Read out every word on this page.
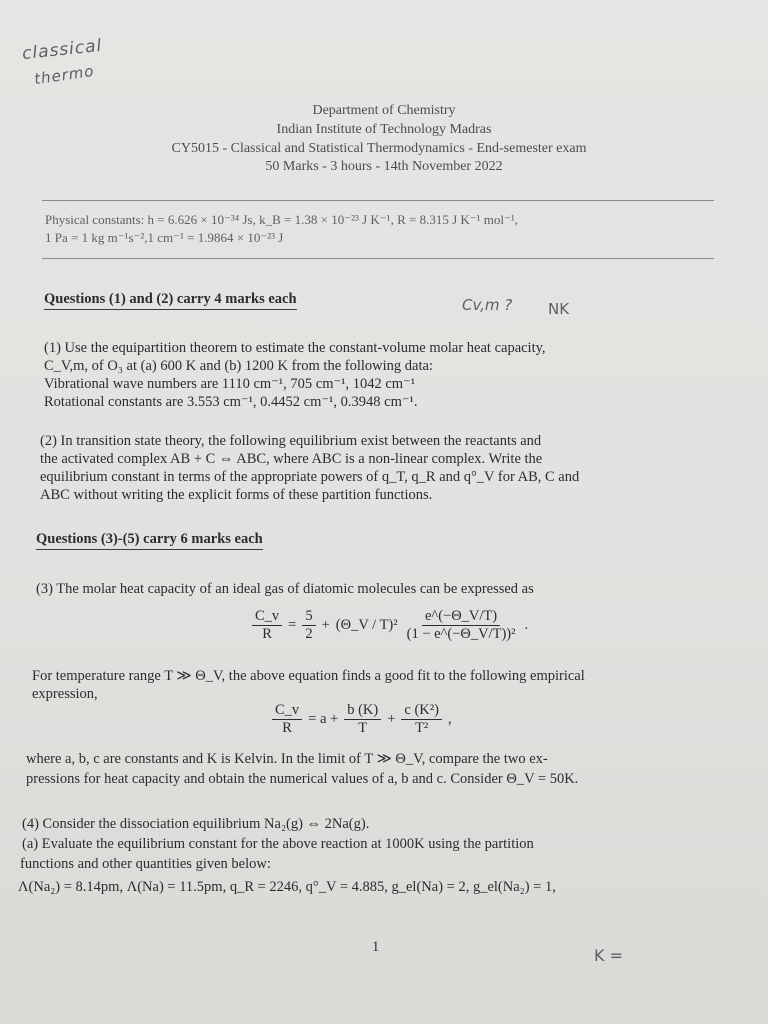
classical
thermo
Department of Chemistry
Indian Institute of Technology Madras
CY5015 - Classical and Statistical Thermodynamics - End-semester exam
50 Marks - 3 hours - 14th November 2022
Physical constants: h = 6.626 × 10⁻³⁴ Js, k_B = 1.38 × 10⁻²³ J K⁻¹, R = 8.315 J K⁻¹ mol⁻¹,
1 Pa = 1 kg m⁻¹s⁻²,1 cm⁻¹ = 1.9864 × 10⁻²³ J
Questions (1) and (2) carry 4 marks each	Cv,m ? NK
(1) Use the equipartition theorem to estimate the constant-volume molar heat capacity,
C_V,m, of O₃ at (a) 600 K and (b) 1200 K from the following data:
Vibrational wave numbers are 1110 cm⁻¹, 705 cm⁻¹, 1042 cm⁻¹
Rotational constants are 3.553 cm⁻¹, 0.4452 cm⁻¹, 0.3948 cm⁻¹.
(2) In transition state theory, the following equilibrium exist between the reactants and
the activated complex AB + C ⇔ ABC, where ABC is a non-linear complex. Write the
equilibrium constant in terms of the appropriate powers of q_T, q_R and q°_V for AB, C and
ABC without writing the explicit forms of these partition functions.
Questions (3)-(5) carry 6 marks each
(3) The molar heat capacity of an ideal gas of diatomic molecules can be expressed as
$\frac{C\_v}{R} = \frac{5}{2}$ + (Θ_V / $T)^2 \frac{e\^{}(-\Theta\_V/T)}{\text{(1 − e\textasciicircum{}(−Θ\_V/T))²}}$ .
For temperature range T ≫ Θ_V, the above equation finds a good fit to the following empirical
expression,
$\frac{C\_v}{R} = a + \frac{b (K)}{T} + \frac{\text{c (K²)}}{\text{T²}}$ ,
where a, b, c are constants and K is Kelvin. In the limit of T ≫ Θ_V, compare the two ex-
pressions for heat capacity and obtain the numerical values of a, b and c. Consider Θ_V = 50K.
(4) Consider the dissociation equilibrium Na₂(g) ⇔ 2Na(g).
(a) Evaluate the equilibrium constant for the above reaction at 1000K using the partition
functions and other quantities given below:
Λ(Na₂) = 8.14pm, Λ(Na) = 11.5pm, q_R = 2246, q°_V = 4.885, g_el(Na) = 2, g_el(Na₂) = 1,
1	K =
